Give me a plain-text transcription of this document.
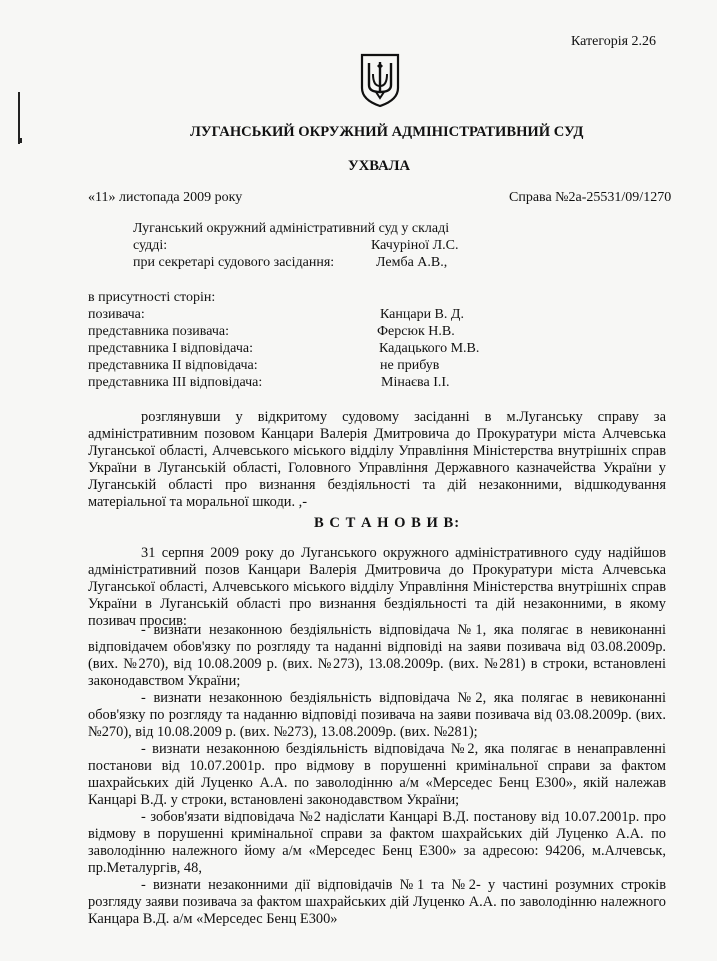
Категорія 2.26
ЛУГАНСЬКИЙ ОКРУЖНИЙ АДМІНІСТРАТИВНИЙ СУД
УХВАЛА
«11» листопада 2009 року	Справа №2а-25531/09/1270
Луганський окружний адміністративний суд у складі
судді:	Качуріної Л.С.
при секретарі судового засідання:	Лемба А.В.,
в присутності сторін:
позивача:	Канцари В. Д.
представника позивача:	Ферсюк Н.В.
представника І відповідача:	Кадацького М.В.
представника ІІ відповідача:	не прибув
представника ІІІ відповідача:	Мінаєва І.І.
розглянувши у відкритому судовому засіданні в м.Луганську справу за адміністративним позовом Канцари Валерія Дмитровича до Прокуратури міста Алчевська Луганської області, Алчевського міського відділу Управління Міністерства внутрішніх справ України в Луганській області, Головного Управління Державного казначейства України у Луганській області про визнання бездіяльності та дій незаконними, відшкодування матеріальної та моральної шкоди. ,-
В С Т А Н О В И В:
31 серпня 2009 року до Луганського окружного адміністративного суду надійшов адміністративний позов Канцари Валерія Дмитровича до Прокуратури міста Алчевська Луганської області, Алчевського міського відділу Управління Міністерства внутрішніх справ України в Луганській області про визнання бездіяльності та дій незаконними, в якому позивач просив:
- визнати незаконною бездіяльність відповідача №1, яка полягає в невиконанні відповідачем обов'язку по розгляду та наданні відповіді на заяви позивача від 03.08.2009р. (вих. №270), від 10.08.2009 р. (вих. №273), 13.08.2009р. (вих. №281) в строки, встановлені законодавством України;
- визнати незаконною бездіяльність відповідача №2, яка полягає в невиконанні обов'язку по розгляду та наданню відповіді позивача на заяви позивача від 03.08.2009р. (вих. №270), від 10.08.2009 р. (вих. №273), 13.08.2009р. (вих. №281);
- визнати незаконною бездіяльність відповідача №2, яка полягає в ненаправленні постанови від 10.07.2001р. про відмову в порушенні кримінальної справи за фактом шахрайських дій Луценко А.А. по заволодінню а/м «Мерседес Бенц Е300», якій належав Канцарі В.Д. у строки, встановлені законодавством України;
- зобов'язати відповідача №2 надіслати Канцарі В.Д. постанову від 10.07.2001р. про відмову в порушенні кримінальної справи за фактом шахрайських дій Луценко А.А. по заволодінню належного йому а/м «Мерседес Бенц Е300» за адресою: 94206, м.Алчевськ, пр.Металургів, 48,
- визнати незаконними дії відповідачів №1 та №2- у частині розумних строків розгляду заяви позивача за фактом шахрайських дій Луценко А.А. по заволодінню належного Канцара В.Д. а/м «Мерседес Бенц Е300»
